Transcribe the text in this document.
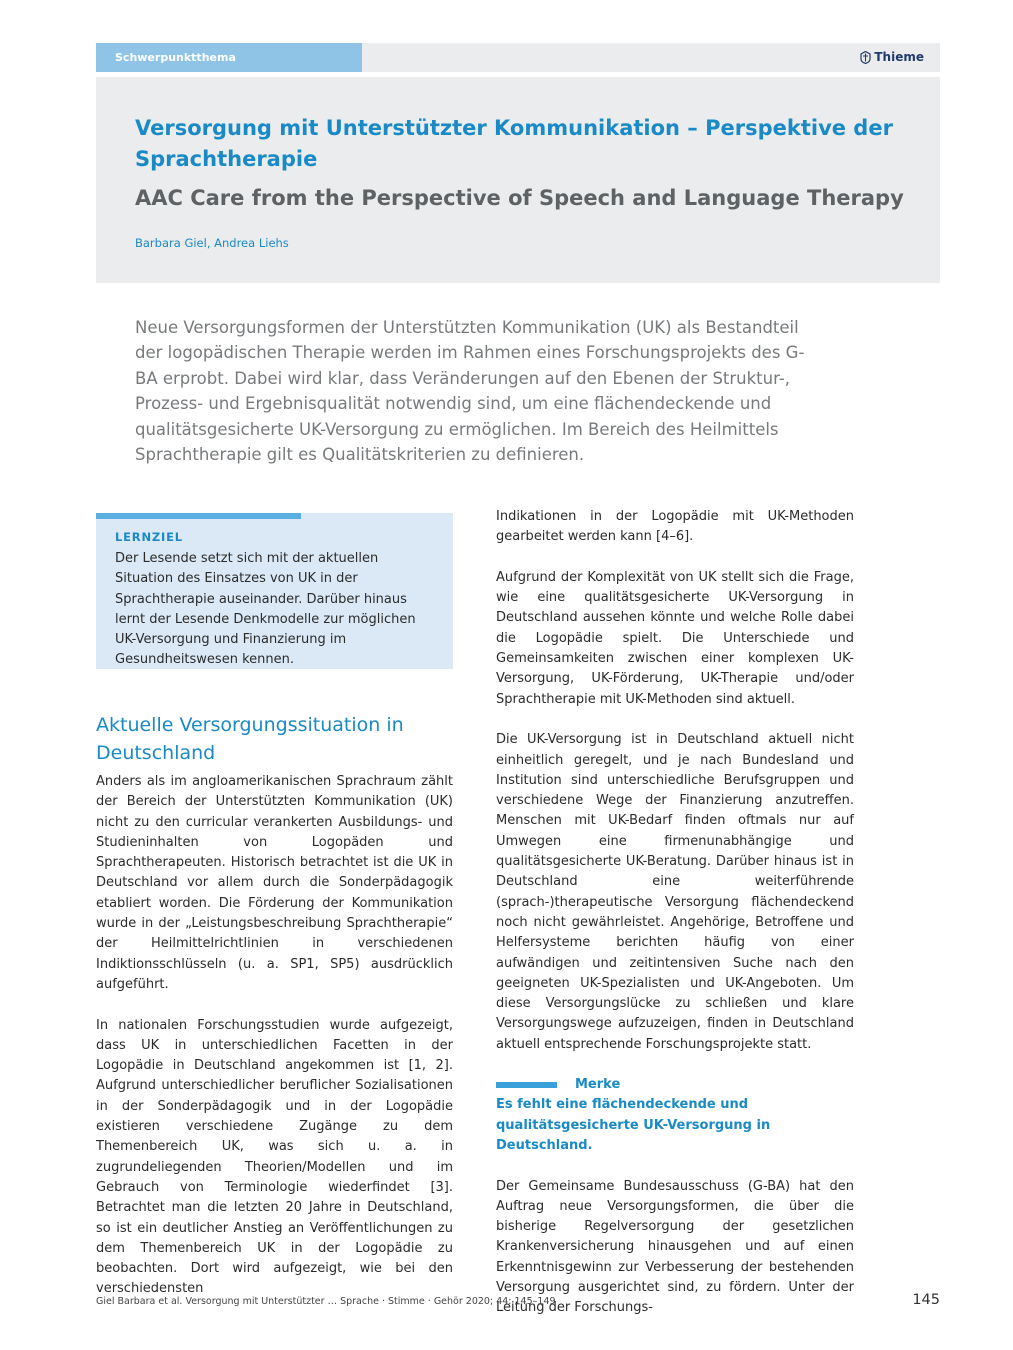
Schwerpunktthema	Thieme
Versorgung mit Unterstützter Kommunikation – Perspektive der Sprachtherapie
AAC Care from the Perspective of Speech and Language Therapy
Barbara Giel, Andrea Liehs

Neue Versorgungsformen der Unterstützten Kommunikation (UK) als Bestandteil der logopädischen Therapie werden im Rahmen eines Forschungsprojekts des G-BA erprobt. Dabei wird klar, dass Veränderungen auf den Ebenen der Struktur-, Prozess- und Ergebnisqualität notwendig sind, um eine flächendeckende und qualitätsgesicherte UK-Versorgung zu ermöglichen. Im Bereich des Heilmittels Sprachtherapie gilt es Qualitätskriterien zu definieren.

LERNZIEL
Der Lesende setzt sich mit der aktuellen Situation des Einsatzes von UK in der Sprachtherapie auseinander. Darüber hinaus lernt der Lesende Denkmodelle zur möglichen UK-Versorgung und Finanzierung im Gesundheitswesen kennen.
Aktuelle Versorgungssituation in Deutschland

Anders als im angloamerikanischen Sprachraum zählt der Bereich der Unterstützten Kommunikation (UK) nicht zu den curricular verankerten Ausbildungs- und Studieninhalten von Logopäden und Sprachtherapeuten. Historisch betrachtet ist die UK in Deutschland vor allem durch die Sonderpädagogik etabliert worden. Die Förderung der Kommunikation wurde in der „Leistungsbeschreibung Sprachtherapie“ der Heilmittelrichtlinien in verschiedenen Indiktionsschlüsseln (u. a. SP1, SP5) ausdrücklich aufgeführt.

In nationalen Forschungsstudien wurde aufgezeigt, dass UK in unterschiedlichen Facetten in der Logopädie in Deutschland angekommen ist [1, 2]. Aufgrund unterschiedlicher beruflicher Sozialisationen in der Sonderpädagogik und in der Logopädie existieren verschiedene Zugänge zu dem Themenbereich UK, was sich u. a. in zugrundeliegenden Theorien/Modellen und im Gebrauch von Terminologie wiederfindet [3]. Betrachtet man die letzten 20 Jahre in Deutschland, so ist ein deutlicher Anstieg an Veröffentlichungen zu dem Themenbereich UK in der Logopädie zu beobachten. Dort wird aufgezeigt, wie bei den verschiedensten

Indikationen in der Logopädie mit UK-Methoden gearbeitet werden kann [4–6].

Aufgrund der Komplexität von UK stellt sich die Frage, wie eine qualitätsgesicherte UK-Versorgung in Deutschland aussehen könnte und welche Rolle dabei die Logopädie spielt. Die Unterschiede und Gemeinsamkeiten zwischen einer komplexen UK-Versorgung, UK-Förderung, UK-Therapie und/oder Sprachtherapie mit UK-Methoden sind aktuell.

Die UK-Versorgung ist in Deutschland aktuell nicht einheitlich geregelt, und je nach Bundesland und Institution sind unterschiedliche Berufsgruppen und verschiedene Wege der Finanzierung anzutreffen. Menschen mit UK-Bedarf finden oftmals nur auf Umwegen eine firmenunabhängige und qualitätsgesicherte UK-Beratung. Darüber hinaus ist in Deutschland eine weiterführende (sprach-)therapeutische Versorgung flächendeckend noch nicht gewährleistet. Angehörige, Betroffene und Helfersysteme berichten häufig von einer aufwändigen und zeitintensiven Suche nach den geeigneten UK-Spezialisten und UK-Angeboten. Um diese Versorgungslücke zu schließen und klare Versorgungswege aufzuzeigen, finden in Deutschland aktuell entsprechende Forschungsprojekte statt.

Merke
Es fehlt eine flächendeckende und qualitätsgesicherte UK-Versorgung in Deutschland.

Der Gemeinsame Bundesausschuss (G-BA) hat den Auftrag neue Versorgungsformen, die über die bisherige Regelversorgung der gesetzlichen Krankenversicherung hinausgehen und auf einen Erkenntnisgewinn zur Verbesserung der bestehenden Versorgung ausgerichtet sind, zu fördern. Unter der Leitung der Forschungs-

Giel Barbara et al. Versorgung mit Unterstützter … Sprache · Stimme · Gehör 2020; 44: 145–149	145
